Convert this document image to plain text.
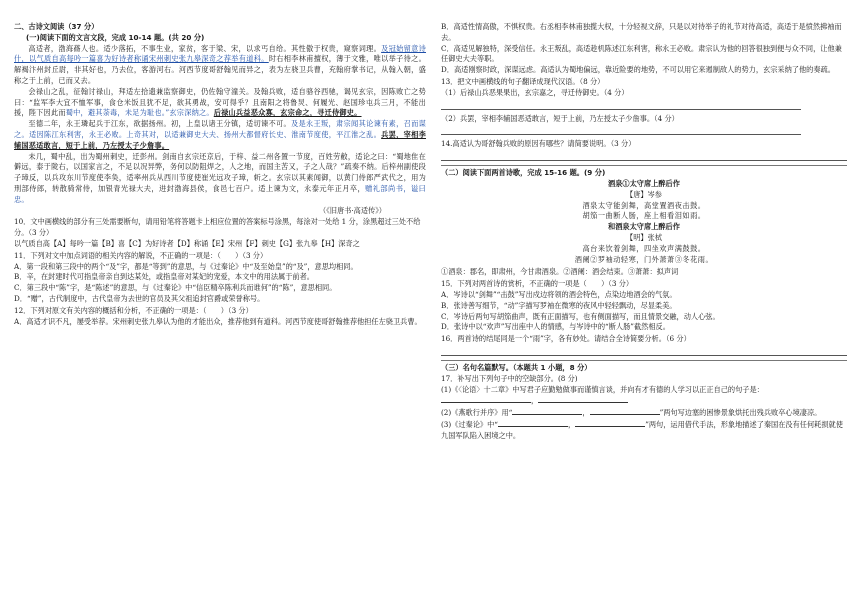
二、古诗文阅读（37 分）

(一)阅读下面的文言文段，完成 10-14 题。(共 20 分)

高适者，渤海蓨人也。适少落拓，不事生业，家贫，客于梁、宋，以求丐自给。其性傲于权贵，窥察词理。及冠始留意诗什，以气质自高每吟一篇喜为好诗者称诵宋州刺史张九皋深奇之荐举有道科。时右相李林甫擅权，薄于文雅，唯以举子待之。解褐汴州封丘尉，非其好也，乃去位，客游河右。河西节度哥舒翰见而异之，表为左骁卫兵曹，充翰府掌书记，从翰入朝，盛称之于上前，已而又去。

会禄山之乱，征翰讨禄山，拜适左拾遗兼监察御史，仍佐翰守潼关。及翰兵败，适自骆谷西驰，谒见玄宗，因陈败亡之势曰：“监军李大宜不恤军事，食仓米饭且犹不足，欲其勇战，安可得乎？且南阳之将鲁炅、何履光、赵国珍屯兵三月，不能出援，陛下因此而蜀中，避其荼毒，未足为耻也。”玄宗深纳之。后禄山兵益恶众寡，玄宗命之，寻迁侍御史。

至德二年，永王璘起兵于江东，欲据扬州。初，上皇以诸王分镇，适切谏不可。及是永王叛，肃宗闻其论谏有素，召而谋之。适因陈江东利害，永王必败。上奇其对，以适兼御史大夫、扬州大都督府长史、淮南节度使，平江淮之乱。兵罢，宰相李辅国恶适敢言，短于上前，乃左授太子少詹事。

未几，蜀中乱，出为蜀州刺史，迁彭州。剑南自玄宗还京后，于梓、益二州各置一节度，百姓劳敝，适论之曰：“蜀地隹在僻远，泰于陇右，以国家言之，不足以况异弊，务何以防阻焊之，人之地，而国主苦又，子之人哉？”疏奏不纳。后梓州副使段子璋反，以兵攻东川节度使李奂，适率州兵从西川节度使崔光远攻子璋，斩之。玄宗以其素闻御，以黄门侍郎严武代之，用为刑部侍郎，转散骑常侍，加银青光禄大夫，进封渤海县侯，食邑七百户。适上谏为文，永泰元年正月卒，赠礼部尚书，谥曰忠。

（《旧唐书·高适传》）

10．文中画横线的部分有三处需要断句，请用铅笔将答题卡上相应位置的答案标号涂黑，每涂对一处给 1 分，涂黑超过三处不给分。（3 分）

以气质自高【A】每吟一篇【B】喜【C】为好诗者【D】称诵【E】宋州【F】刺史【G】张九皋【H】深奇之

11．下列对文中加点词语的相关内容的解说，不正确的一项是：（　　）（3 分）

A．第一段和第三段中的两个“及”字，都是“等到”的意思，与《过秦论》中“及至始皇”的“及”，意思均相同。

B．辛，在封建时代可指皇帝亲自到达某处，或指皇帝对某妃的宠爱，本文中的用法属于前者。

C．第三段中“陈”字，是“陈述”的意思，与《过秦论》中“信臣精卒陈利兵而谁何”的“陈”，意思相同。

D．“赠”，古代制度中，古代皇帝为去世的官员及其父祖追封官爵或荣誉称号。

12．下列对原文有关内容的概括和分析，不正确的一项是：（　　）（3 分）

A．高适才识不凡，屡受举荐。宋州刺史张九皋认为他的才能出众，推荐他到有道科。河西节度使哥舒翰推荐他担任左骁卫兵曹。

B．高适性情高傲，不惧权贵。右丞相李林甫独揽大权，十分轻视文辞，只是以对待举子的礼节对待高适，高适于是愤然拂袖而去。

C．高适见解独特，深受信任。永王叛乱，高适趁机陈述江东利害，称永王必败。肃宗认为他的回答很独到便与众不同，让他兼任御史大夫等职。

D．高适刚察时政，深谋远虑。高适认为蜀地偏远，靠近险要的地势，不可以用它来遏制敌人的势力，玄宗采纳了他的奏疏。

13．把文中画横线的句子翻译成现代汉语。（8 分）

（1）后禄山兵恶果果出，玄宗嘉之，寻迁侍御史。（4 分）

（2）兵罢，宰相李辅国恶适敢言，短于上前，乃左授太子少詹事。（4 分）

14.高适认为哥舒翰兵败的原因有哪些？请简要说明。（3 分）

（二）阅读下面两首诗歌，完成 15-16 题。(9 分)

酒泉①太守席上醉后作

【唐】岑参

酒泉太守能剑舞，高堂置酒夜击鼓。

胡笳一曲断人肠，座上相看泪如雨。

和酒泉太守席上醉后作

【明】张栻

高台来饮着剑舞，四坐欢声满鼓鼓。

酒阑②罗袖动轻寒，门外萧萧③冬花雨。

①酒泉：郡名，即肃州，今甘肃酒泉。②酒阑：酒会结束。③萧萧：拟声词

15．下列对两首诗的赏析，不正确的一项是（　　）（3 分）

A．岑诗以“剑舞”“击鼓”写出戍边将领的酒会特色，点染边地酒会的气氛。

B．张诗善写细节，“动”字描写罗袖在微寒的夜风中轻轻飘动，尽显柔美。

C．岑诗后两句写胡笳曲声，既有正面描写，也有侧面描写，而且情景交融，动人心弦。

D．张诗中以“欢声”写出座中人的情感，与岑诗中的“断人肠”截然相反。

16．两首诗的结尾同是一个“雨”字，各有妙处。请结合全诗简要分析。（6 分）

（三）名句名篇默写。（本题共 1 小题，8 分）

17．补写出下列句子中的空缺部分。(8 分)

(1)《〈论语〉十二章》中写君子应勤勉做事而谨慎言谈，并向有才有德的人学习以正正自己的句子是：，

(2)《燕歌行并序》用“	，	”两句写边塞的困惨景象烘托出残兵败卒心境凄凉。

(3)《过秦论》中“	，	”两句，运用借代手法，形象地描述了秦国在没有任何耗损就使九国军队陷入困境之中。
